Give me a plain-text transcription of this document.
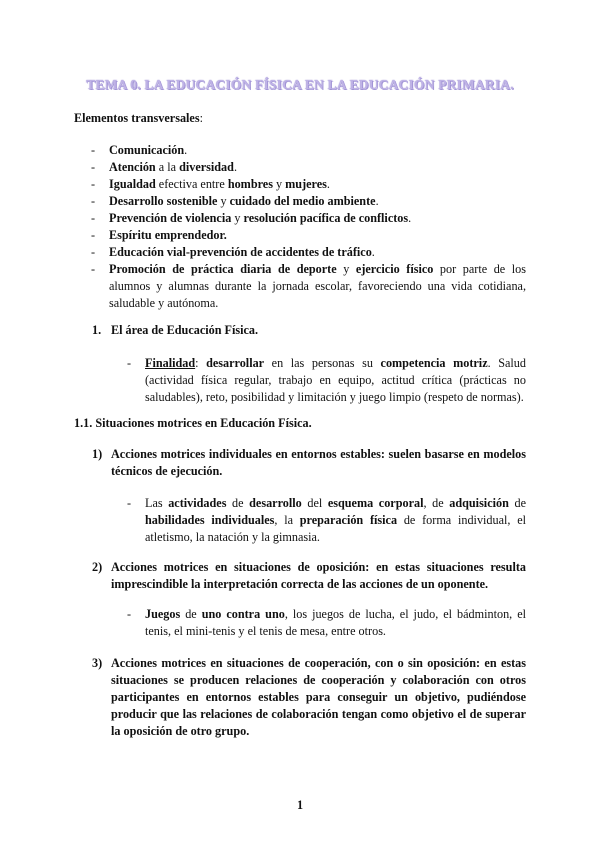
TEMA 0. LA EDUCACIÓN FÍSICA EN LA EDUCACIÓN PRIMARIA.
Elementos transversales:
- Comunicación.
- Atención a la diversidad.
- Igualdad efectiva entre hombres y mujeres.
- Desarrollo sostenible y cuidado del medio ambiente.
- Prevención de violencia y resolución pacífica de conflictos.
- Espíritu emprendedor.
- Educación vial-prevención de accidentes de tráfico.
- Promoción de práctica diaria de deporte y ejercicio físico por parte de los alumnos y alumnas durante la jornada escolar, favoreciendo una vida cotidiana, saludable y autónoma.
1. El área de Educación Física.
- Finalidad: desarrollar en las personas su competencia motriz. Salud (actividad física regular, trabajo en equipo, actitud crítica (prácticas no saludables), reto, posibilidad y limitación y juego limpio (respeto de normas).
1.1. Situaciones motrices en Educación Física.
1) Acciones motrices individuales en entornos estables: suelen basarse en modelos técnicos de ejecución.
- Las actividades de desarrollo del esquema corporal, de adquisición de habilidades individuales, la preparación física de forma individual, el atletismo, la natación y la gimnasia.
2) Acciones motrices en situaciones de oposición: en estas situaciones resulta imprescindible la interpretación correcta de las acciones de un oponente.
- Juegos de uno contra uno, los juegos de lucha, el judo, el bádminton, el tenis, el mini-tenis y el tenis de mesa, entre otros.
3) Acciones motrices en situaciones de cooperación, con o sin oposición: en estas situaciones se producen relaciones de cooperación y colaboración con otros participantes en entornos estables para conseguir un objetivo, pudiéndose producir que las relaciones de colaboración tengan como objetivo el de superar la oposición de otro grupo.
1
